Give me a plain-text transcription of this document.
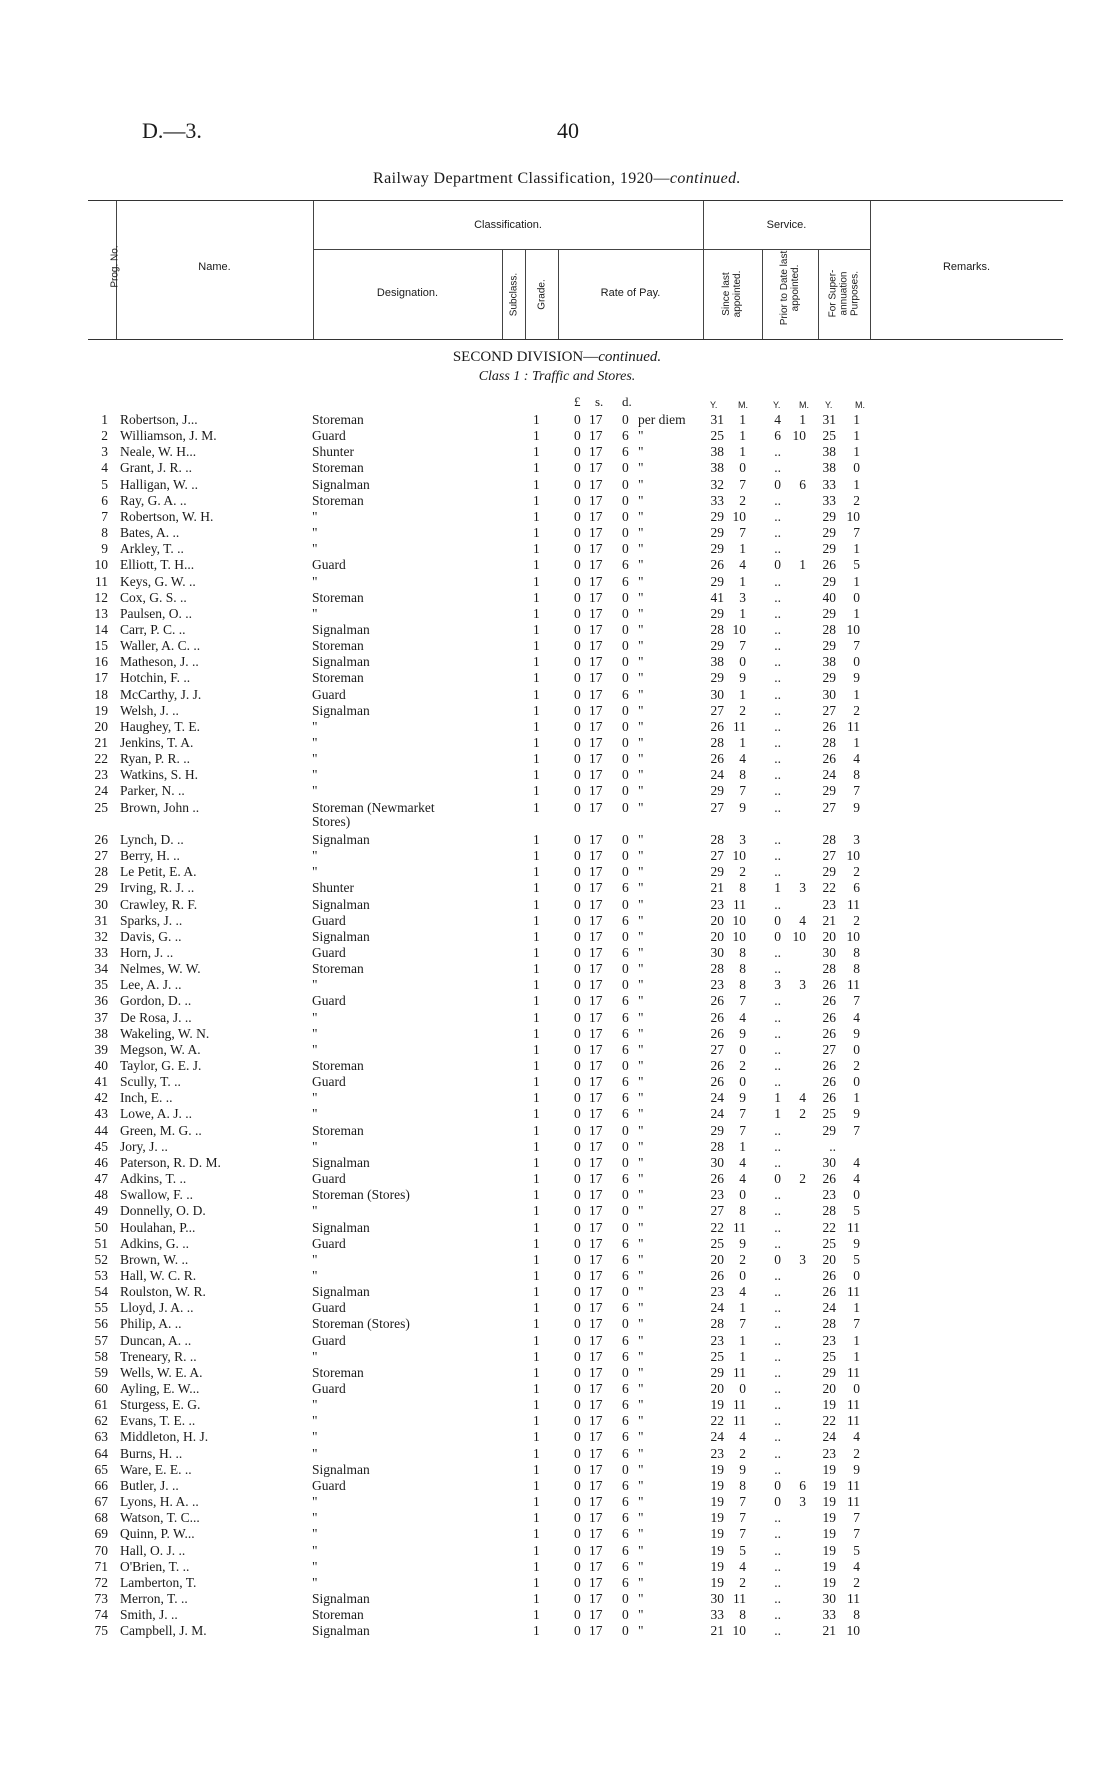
D.—3.	40
Railway Department Classification, 1920—continued.
Prog. No.	Name.
Classification.
Designation.	Subclass. Grade.	Rate of Pay.
Service.
Since last appointed.	Prior to Date last appointed.	For Super-annuation Purposes.
Remarks.
SECOND DIVISION—continued.
Class 1 : Traffic and Stores.
£ s. d.	Y. M.	Y. M. Y.	M.
1 Robertson, J...	Storeman	1	0 17 0 per diem	31	1	4	1	31	1
2 Williamson, J. M.	Guard	1	0 17 6 "	25	1	6 10	25	1
3 Neale, W. H...	Shunter	1	0 17 6 "	38	1	..	38	1
4 Grant, J. R. ..	Storeman	1	0 17 0 "	38	0	..	38	0
5 Halligan, W. ..	Signalman	1	0 17 0 "	32	7	0	6	33	1
6 Ray, G. A. ..	Storeman	1	0 17 0 "	33	2	..	33	2
7 Robertson, W. H.	"	1	0 17 0 "	29 10	..	29 10
8 Bates, A. ..	"	1	0 17 0 "	29	7	..	29	7
9 Arkley, T. ..	"	1	0 17 0 "	29	1	..	29	1
10 Elliott, T. H...	Guard	1	0 17 6 "	26	4	0	1	26	5
11 Keys, G. W. ..	"	1	0 17 6 "	29	1	..	29	1
12 Cox, G. S. ..	Storeman	1	0 17 0 "	41	3	..	40	0
13 Paulsen, O. ..	"	1	0 17 0 "	29	1	..	29	1
14 Carr, P. C. ..	Signalman	1	0 17 0 "	28 10	..	28 10
15 Waller, A. C. ..	Storeman	1	0 17 0 "	29	7	..	29	7
16 Matheson, J. ..	Signalman	1	0 17 0 "	38	0	..	38	0
17 Hotchin, F. ..	Storeman	1	0 17 0 "	29	9	..	29	9
18 McCarthy, J. J.	Guard	1	0 17 6 "	30	1	..	30	1
19 Welsh, J. ..	Signalman	1	0 17 0 "	27	2	..	27	2
20 Haughey, T. E.	"	1	0 17 0 "	26 11	..	26 11
21 Jenkins, T. A.	"	1	0 17 0 "	28	1	..	28	1
22 Ryan, P. R. ..	"	1	0 17 0 "	26	4	..	26	4
23 Watkins, S. H.	"	1	0 17 0 "	24	8	..	24	8
24 Parker, N. ..	"	1	0 17 0 "	29	7	..	29	7
25 Brown, John ..	Storeman (Newmarket	1	0 17 0 "	27	9	..	27	9
Stores)
26 Lynch, D. ..	Signalman	1	0 17 0 "	28	3	..	28	3
27 Berry, H. ..	"	1	0 17 0 "	27 10	..	27 10
28 Le Petit, E. A.	"	1	0 17 0 "	29	2	..	29	2
29 Irving, R. J. ..	Shunter	1	0 17 6 "	21	8	1	3	22	6
30 Crawley, R. F.	Signalman	1	0 17 0 "	23 11	..	23 11
31 Sparks, J. ..	Guard	1	0 17 6 "	20 10	0	4	21	2
32 Davis, G. ..	Signalman	1	0 17 0 "	20 10	0 10	20 10
33 Horn, J. ..	Guard	1	0 17 6 "	30	8	..	30	8
34 Nelmes, W. W.	Storeman	1	0 17 0 "	28	8	..	28	8
35 Lee, A. J. ..	"	1	0 17 0 "	23	8	3	3	26 11
36 Gordon, D. ..	Guard	1	0 17 6 "	26	7	..	26	7
37 De Rosa, J. ..	"	1	0 17 6 "	26	4	..	26	4
38 Wakeling, W. N.	"	1	0 17 6 "	26	9	..	26	9
39 Megson, W. A.	"	1	0 17 6 "	27	0	..	27	0
40 Taylor, G. E. J.	Storeman	1	0 17 0 "	26	2	..	26	2
41 Scully, T. ..	Guard	1	0 17 6 "	26	0	..	26	0
42 Inch, E. ..	"	1	0 17 6 "	24	9	1	4	26	1
43 Lowe, A. J. ..	"	1	0 17 6 "	24	7	1	2	25	9
44 Green, M. G. ..	Storeman	1	0 17 0 "	29	7	..	29	7
45 Jory, J. ..	"	1	0 17 0 "	28	1	..	..
46 Paterson, R. D. M.	Signalman	1	0 17 0 "	30	4	..	30	4
47 Adkins, T. ..	Guard	1	0 17 6 "	26	4	0	2	26	4
48 Swallow, F. ..	Storeman (Stores)	1	0 17 0 "	23	0	..	23	0
49 Donnelly, O. D.	"	1	0 17 0 "	27	8	..	28	5
50 Houlahan, P...	Signalman	1	0 17 0 "	22 11	..	22 11
51 Adkins, G. ..	Guard	1	0 17 6 "	25	9	..	25	9
52 Brown, W. ..	"	1	0 17 6 "	20	2	0	3	20	5
53 Hall, W. C. R.	"	1	0 17 6 "	26	0	..	26	0
54 Roulston, W. R.	Signalman	1	0 17 0 "	23	4	..	26 11
55 Lloyd, J. A. ..	Guard	1	0 17 6 "	24	1	..	24	1
56 Philip, A. ..	Storeman (Stores)	1	0 17 0 "	28	7	..	28	7
57 Duncan, A. ..	Guard	1	0 17 6 "	23	1	..	23	1
58 Treneary, R. ..	"	1	0 17 6 "	25	1	..	25	1
59 Wells, W. E. A.	Storeman	1	0 17 0 "	29 11	..	29 11
60 Ayling, E. W...	Guard	1	0 17 6 "	20	0	..	20	0
61 Sturgess, E. G.	"	1	0 17 6 "	19 11	..	19 11
62 Evans, T. E. ..	"	1	0 17 6 "	22 11	..	22 11
63 Middleton, H. J.	"	1	0 17 6 "	24	4	..	24	4
64 Burns, H. ..	"	1	0 17 6 "	23	2	..	23	2
65 Ware, E. E. ..	Signalman	1	0 17 0 "	19	9	..	19	9
66 Butler, J. ..	Guard	1	0 17 6 "	19	8	0	6	19 11
67 Lyons, H. A. ..	"	1	0 17 6 "	19	7	0	3	19 11
68 Watson, T. C...	"	1	0 17 6 "	19	7	..	19	7
69 Quinn, P. W...	"	1	0 17 6 "	19	7	..	19	7
70 Hall, O. J. ..	"	1	0 17 6 "	19	5	..	19	5
71 O'Brien, T. ..	"	1	0 17 6 "	19	4	..	19	4
72 Lamberton, T.	"	1	0 17 6 "	19	2	..	19	2
73 Merron, T. ..	Signalman	1	0 17 0 "	30 11	..	30 11
74 Smith, J. ..	Storeman	1	0 17 0 "	33	8	..	33	8
75 Campbell, J. M.	Signalman	1	0 17 0 "	21 10	..	21 10
